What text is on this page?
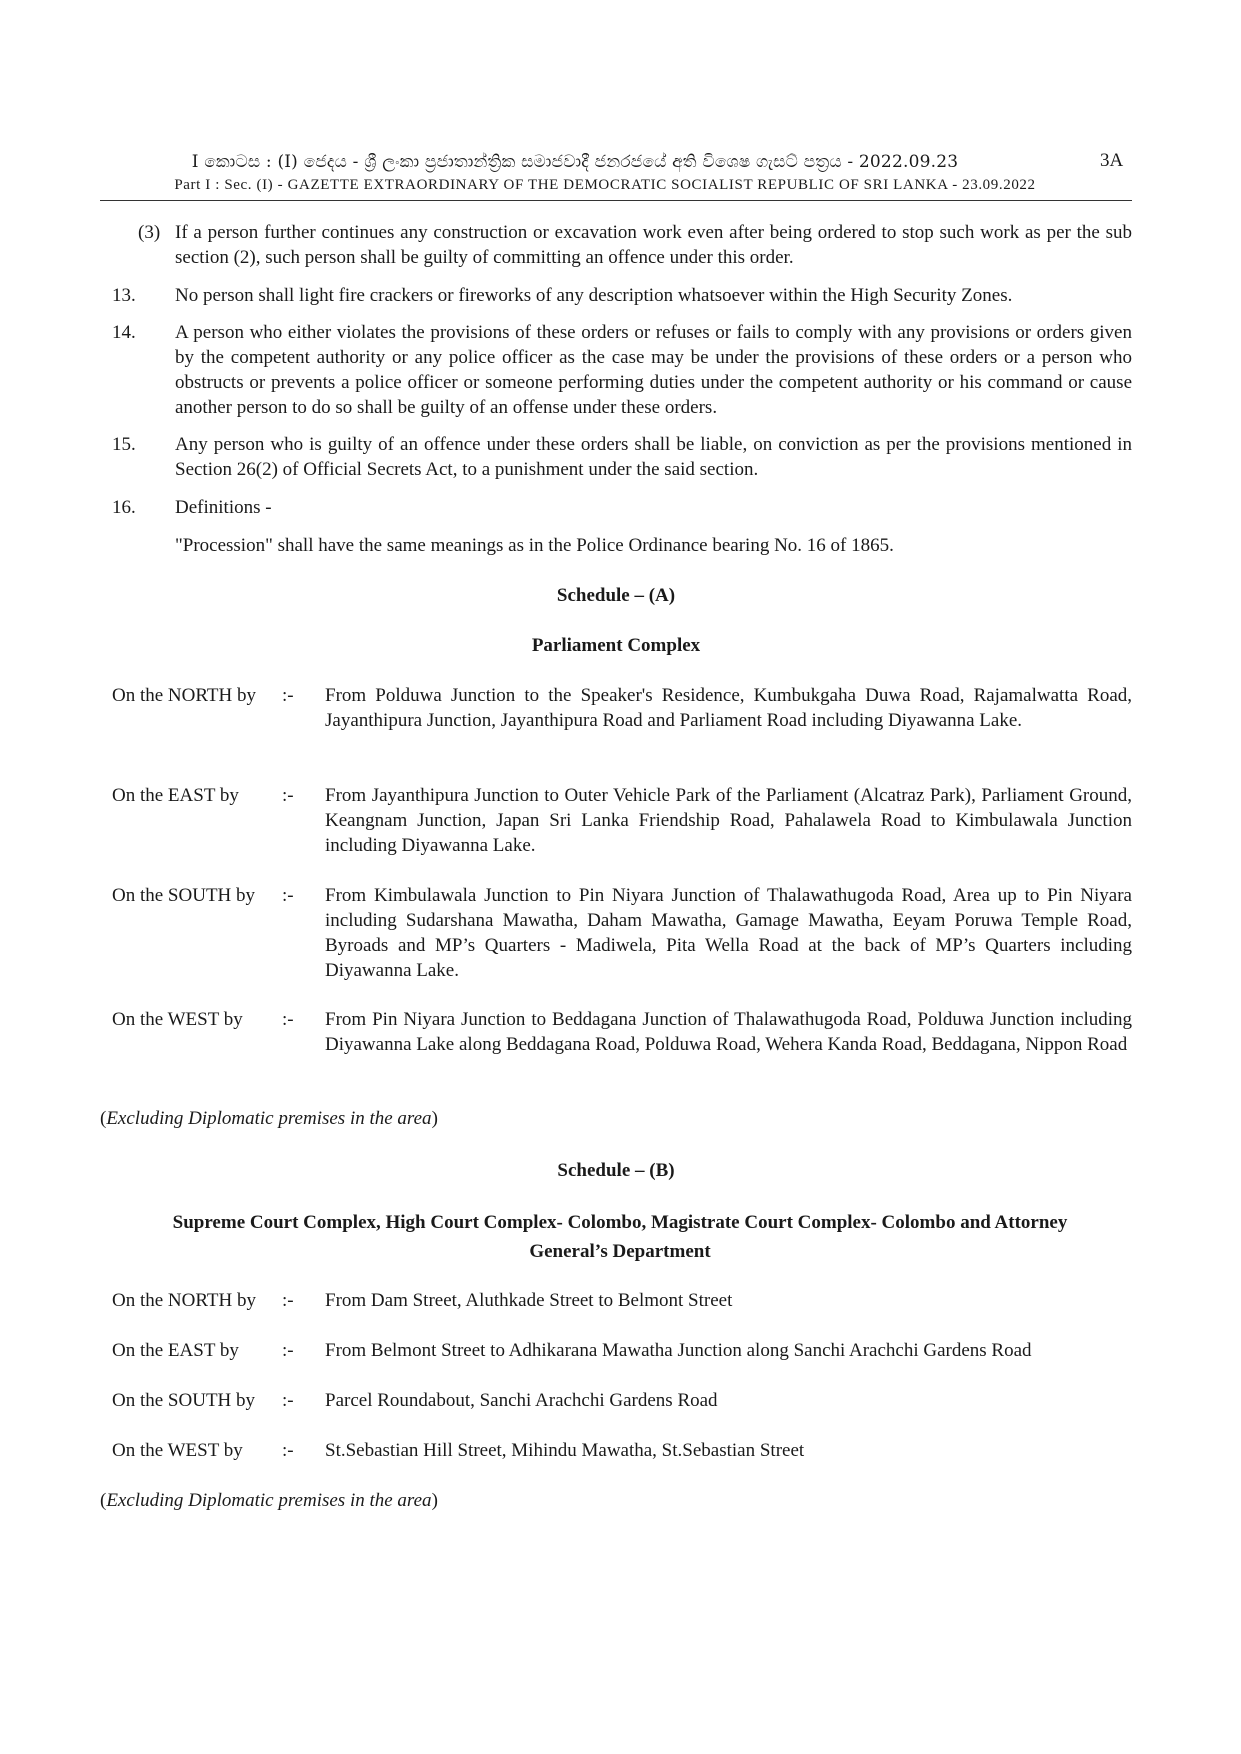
I කොටස : (I) ජෙදය - ශ්‍රී ලංකා ප්‍රජාතාන්ත්‍රික සමාජවාදී ජනරජයේ අති විශෙෂ ගැසට් පත්‍රය - 2022.09.23	3A
Part I : Sec. (I) - GAZETTE EXTRAORDINARY OF THE DEMOCRATIC SOCIALIST REPUBLIC OF SRI LANKA - 23.09.2022
(3) If a person further continues any construction or excavation work even after being ordered to stop such work as per the sub section (2), such person shall be guilty of committing an offence under this order.
13. No person shall light fire crackers or fireworks of any description whatsoever within the High Security Zones.
14. A person who either violates the provisions of these orders or refuses or fails to comply with any provisions or orders given by the competent authority or any police officer as the case may be under the provisions of these orders or a person who obstructs or prevents a police officer or someone performing duties under the competent authority or his command or cause another person to do so shall be guilty of an offense under these orders.
15. Any person who is guilty of an offence under these orders shall be liable, on conviction as per the provisions mentioned in Section 26(2) of Official Secrets Act, to a punishment under the said section.
16. Definitions -
"Procession" shall have the same meanings as in the Police Ordinance bearing No. 16 of 1865.
Schedule – (A)
Parliament Complex
On the NORTH by :- From Polduwa Junction to the Speaker's Residence, Kumbukgaha Duwa Road, Rajamalwatta Road, Jayanthipura Junction, Jayanthipura Road and Parliament Road including Diyawanna Lake.
On the EAST by :- From Jayanthipura Junction to Outer Vehicle Park of the Parliament (Alcatraz Park), Parliament Ground, Keangnam Junction, Japan Sri Lanka Friendship Road, Pahalawela Road to Kimbulawala Junction including Diyawanna Lake.
On the SOUTH by :- From Kimbulawala Junction to Pin Niyara Junction of Thalawathugoda Road, Area up to Pin Niyara including Sudarshana Mawatha, Daham Mawatha, Gamage Mawatha, Eeyam Poruwa Temple Road, Byroads and MP’s Quarters - Madiwela, Pita Wella Road at the back of MP’s Quarters including Diyawanna Lake.
On the WEST by :- From Pin Niyara Junction to Beddagana Junction of Thalawathugoda Road, Polduwa Junction including Diyawanna Lake along Beddagana Road, Polduwa Road, Wehera Kanda Road, Beddagana, Nippon Road
(Excluding Diplomatic premises in the area)
Schedule – (B)
Supreme Court Complex, High Court Complex- Colombo, Magistrate Court Complex- Colombo and Attorney
General’s Department
On the NORTH by :- From Dam Street, Aluthkade Street to Belmont Street
On the EAST by :- From Belmont Street to Adhikarana Mawatha Junction along Sanchi Arachchi Gardens Road
On the SOUTH by :- Parcel Roundabout, Sanchi Arachchi Gardens Road
On the WEST by :- St.Sebastian Hill Street, Mihindu Mawatha, St.Sebastian Street
(Excluding Diplomatic premises in the area)
